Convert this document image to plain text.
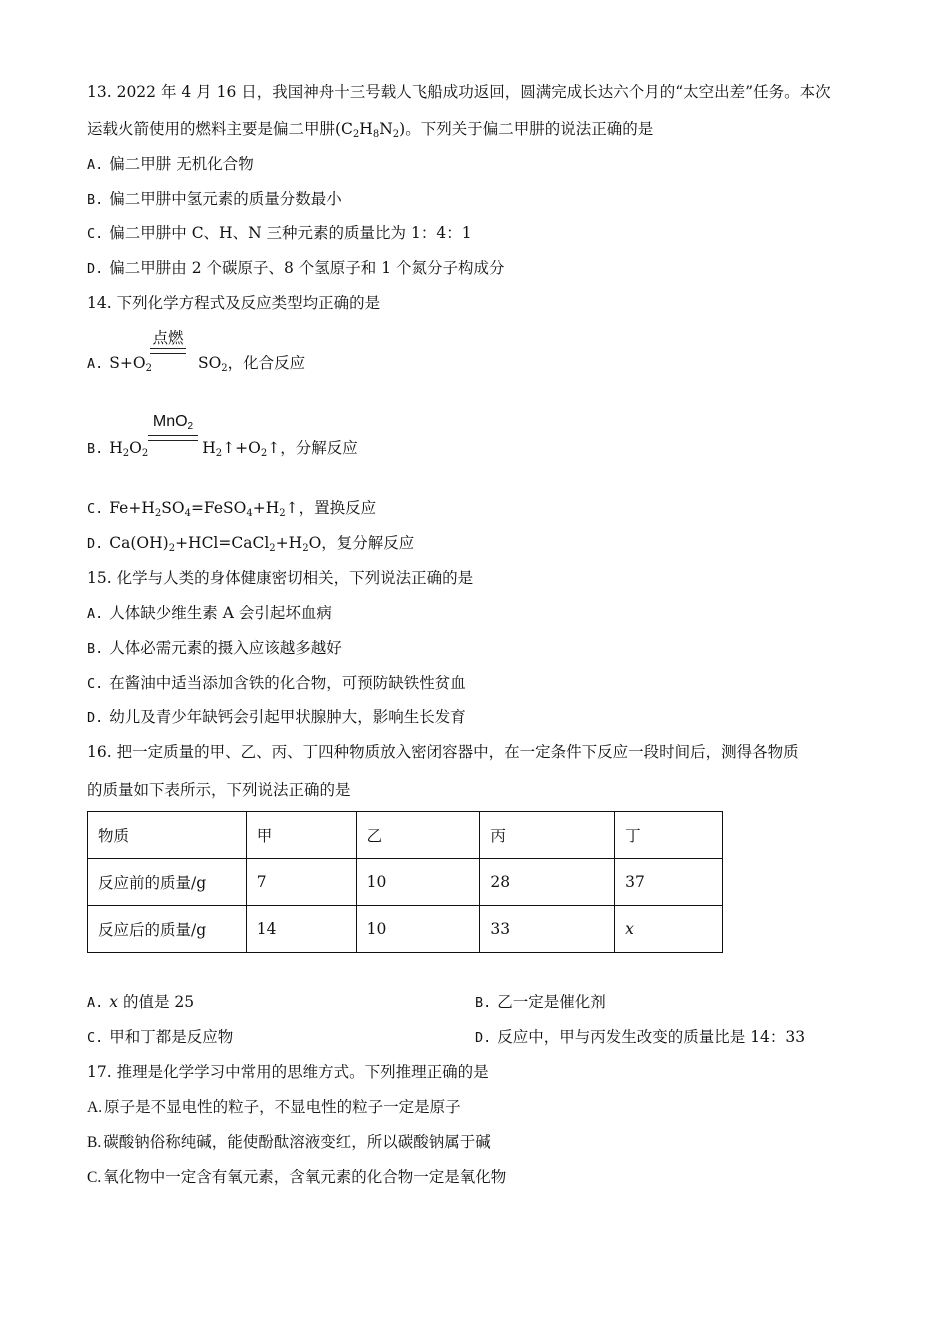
13. 2022 年 4 月 16 日，我国神舟十三号载人飞船成功返回，圆满完成长达六个月的“太空出差”任务。本次
运载火箭使用的燃料主要是偏二甲肼$(C_2H_8N_2)$。下列关于偏二甲肼的说法正确的是
A. 偏二甲肼 无机化合物
B. 偏二甲肼中氢元素的质量分数最小
C. 偏二甲肼中 C、H、N 三种元素的质量比为 1：4：1
D. 偏二甲肼由 2 个碳原子、8 个氢原子和 1 个氮分子构成分
14. 下列化学方程式及反应类型均正确的是
A. $S+O_2$	$SO_2$，化合反应
点燃
B. $H_2O_2$	$H_2↑+O_2↑$，分解反应
MnO$_2$
C. $Fe+H_2SO_4=FeSO_4+H_2↑$，置换反应
D. $Ca(OH)_2+HCl=CaCl_2+H_2O$，复分解反应
15. 化学与人类的身体健康密切相关，下列说法正确的是
A. 人体缺少维生素 A 会引起坏血病
B. 人体必需元素的摄入应该越多越好
C. 在酱油中适当添加含铁的化合物，可预防缺铁性贫血
D. 幼儿及青少年缺钙会引起甲状腺肿大，影响生长发育
16. 把一定质量的甲、乙、丙、丁四种物质放入密闭容器中，在一定条件下反应一段时间后，测得各物质
的质量如下表所示，下列说法正确的是
物质	甲	乙	丙	丁
反应前的质量/g	7	10	28	37
反应后的质量/g	14	10	33	x
A. x 的值是 25	B. 乙一定是催化剂
C. 甲和丁都是反应物	D. 反应中，甲与丙发生改变的质量比是 14：33
17. 推理是化学学习中常用的思维方式。下列推理正确的是
A. 原子是不显电性的粒子，不显电性的粒子一定是原子
B. 碳酸钠俗称纯碱，能使酚酞溶液变红，所以碳酸钠属于碱
C. 氧化物中一定含有氧元素，含氧元素的化合物一定是氧化物
